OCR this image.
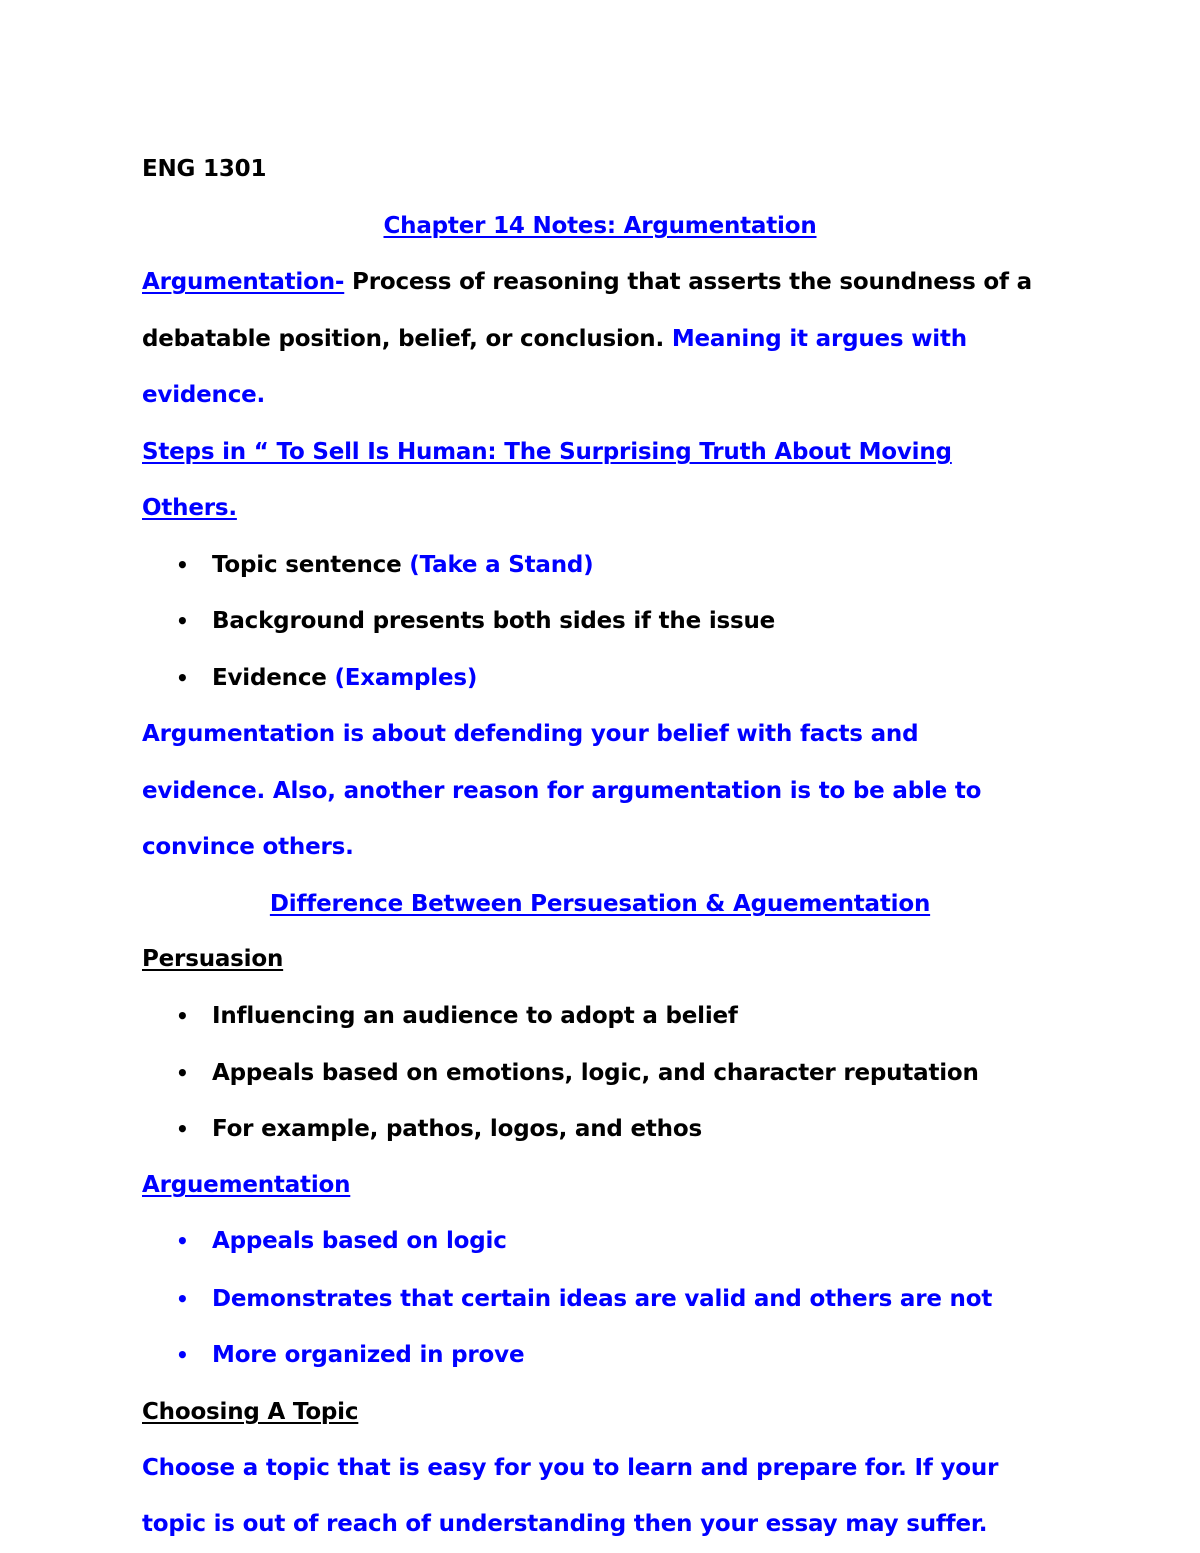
ENG 1301
Chapter 14 Notes: Argumentation
Argumentation- Process of reasoning that asserts the soundness of a
debatable position, belief, or conclusion. Meaning it argues with
evidence.
Steps in “ To Sell Is Human: The Surprising Truth About Moving
Others.
• Topic sentence (Take a Stand)
• Background presents both sides if the issue
• Evidence (Examples)
Argumentation is about defending your belief with facts and
evidence. Also, another reason for argumentation is to be able to
convince others.
Difference Between Persuesation & Aguementation
Persuasion
• Influencing an audience to adopt a belief
• Appeals based on emotions, logic, and character reputation
• For example, pathos, logos, and ethos
Arguementation
• Appeals based on logic
• Demonstrates that certain ideas are valid and others are not
• More organized in prove
Choosing A Topic
Choose a topic that is easy for you to learn and prepare for. If your
topic is out of reach of understanding then your essay may suffer.
